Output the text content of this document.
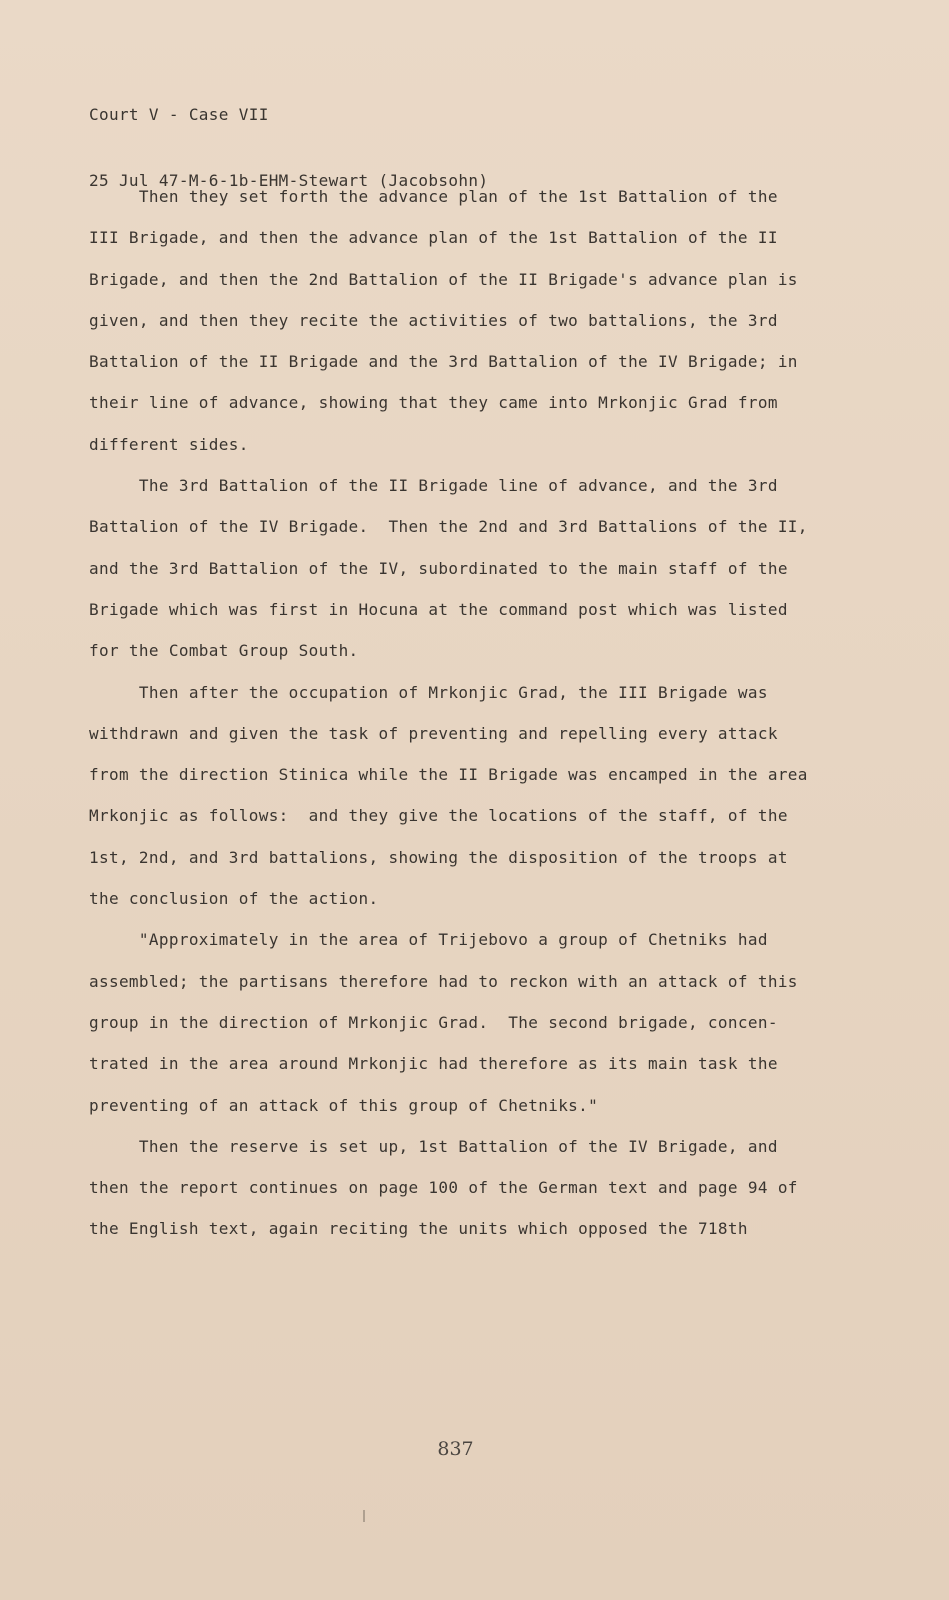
Court V - Case VII

25 Jul 47-M-6-1b-EHM-Stewart (Jacobsohn)

Then they set forth the advance plan of the 1st Battalion of the
III Brigade, and then the advance plan of the 1st Battalion of the II
Brigade, and then the 2nd Battalion of the II Brigade's advance plan is
given, and then they recite the activities of two battalions, the 3rd
Battalion of the II Brigade and the 3rd Battalion of the IV Brigade; in
their line of advance, showing that they came into Mrkonjic Grad from
different sides.
The 3rd Battalion of the II Brigade line of advance, and the 3rd
Battalion of the IV Brigade.  Then the 2nd and 3rd Battalions of the II,
and the 3rd Battalion of the IV, subordinated to the main staff of the
Brigade which was first in Hocuna at the command post which was listed
for the Combat Group South.
Then after the occupation of Mrkonjic Grad, the III Brigade was
withdrawn and given the task of preventing and repelling every attack
from the direction Stinica while the II Brigade was encamped in the area
Mrkonjic as follows:  and they give the locations of the staff, of the
1st, 2nd, and 3rd battalions, showing the disposition of the troops at
the conclusion of the action.
"Approximately in the area of Trijebovo a group of Chetniks had
assembled; the partisans therefore had to reckon with an attack of this
group in the direction of Mrkonjic Grad.  The second brigade, concen-
trated in the area around Mrkonjic had therefore as its main task the
preventing of an attack of this group of Chetniks."
Then the reserve is set up, 1st Battalion of the IV Brigade, and
then the report continues on page 100 of the German text and page 94 of
the English text, again reciting the units which opposed the 718th
837
